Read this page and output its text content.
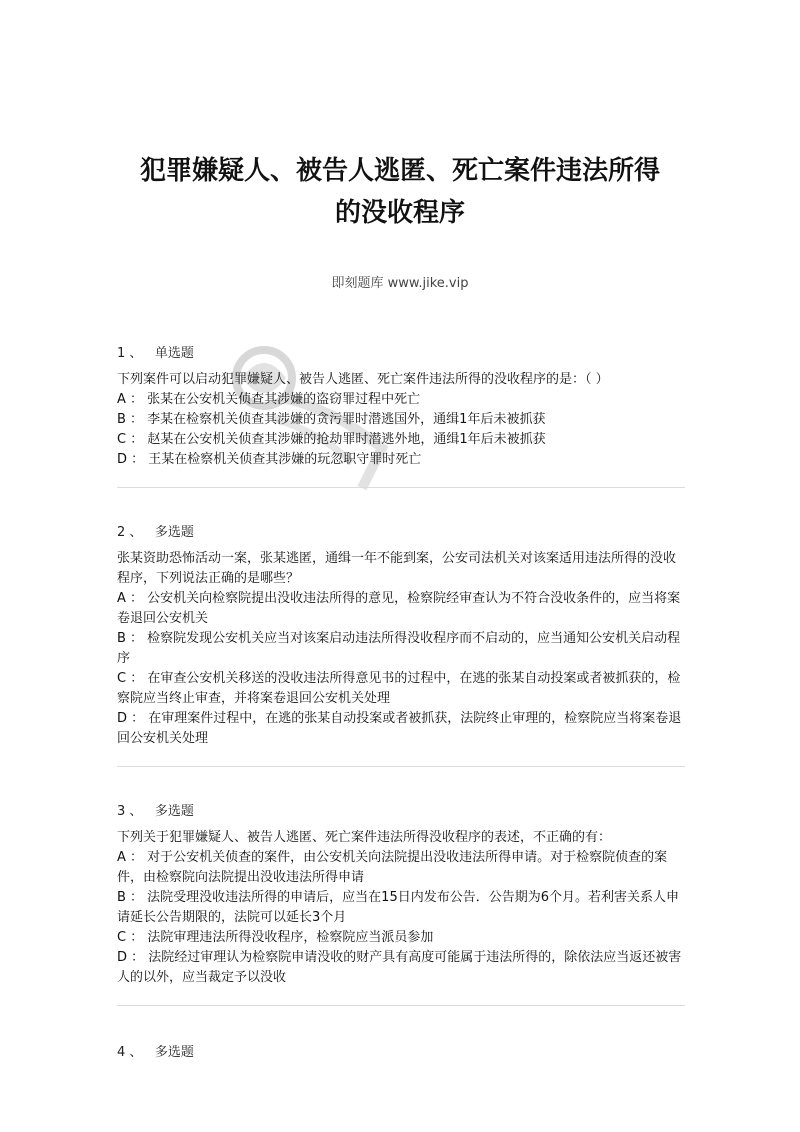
犯罪嫌疑人、被告人逃匿、死亡案件违法所得
的没收程序
即刻题库 www.jike.vip
1 、 单选题
下列案件可以启动犯罪嫌疑人、被告人逃匿、死亡案件违法所得的没收程序的是：（ ）
A ： 张某在公安机关侦查其涉嫌的盗窃罪过程中死亡
B ： 李某在检察机关侦查其涉嫌的贪污罪时潜逃国外，通缉1年后未被抓获
C ： 赵某在公安机关侦查其涉嫌的抢劫罪时潜逃外地，通缉1年后未被抓获
D ： 王某在检察机关侦查其涉嫌的玩忽职守罪时死亡
2 、 多选题
张某资助恐怖活动一案，张某逃匿，通缉一年不能到案，公安司法机关对该案适用违法所得的没收程序，下列说法正确的是哪些？
A ： 公安机关向检察院提出没收违法所得的意见，检察院经审查认为不符合没收条件的，应当将案卷退回公安机关
B ： 检察院发现公安机关应当对该案启动违法所得没收程序而不启动的，应当通知公安机关启动程序
C ： 在审查公安机关移送的没收违法所得意见书的过程中，在逃的张某自动投案或者被抓获的，检察院应当终止审查，并将案卷退回公安机关处理
D ： 在审理案件过程中，在逃的张某自动投案或者被抓获，法院终止审理的，检察院应当将案卷退回公安机关处理
3 、 多选题
下列关于犯罪嫌疑人、被告人逃匿、死亡案件违法所得没收程序的表述，不正确的有：
A ： 对于公安机关侦查的案件，由公安机关向法院提出没收违法所得申请。对于检察院侦查的案件，由检察院向法院提出没收违法所得申请
B ： 法院受理没收违法所得的申请后，应当在15日内发布公告．公告期为6个月。若利害关系人申请延长公告期限的，法院可以延长3个月
C ： 法院审理违法所得没收程序，检察院应当派员参加
D ： 法院经过审理认为检察院申请没收的财产具有高度可能属于违法所得的，除依法应当返还被害人的以外，应当裁定予以没收
4 、 多选题
